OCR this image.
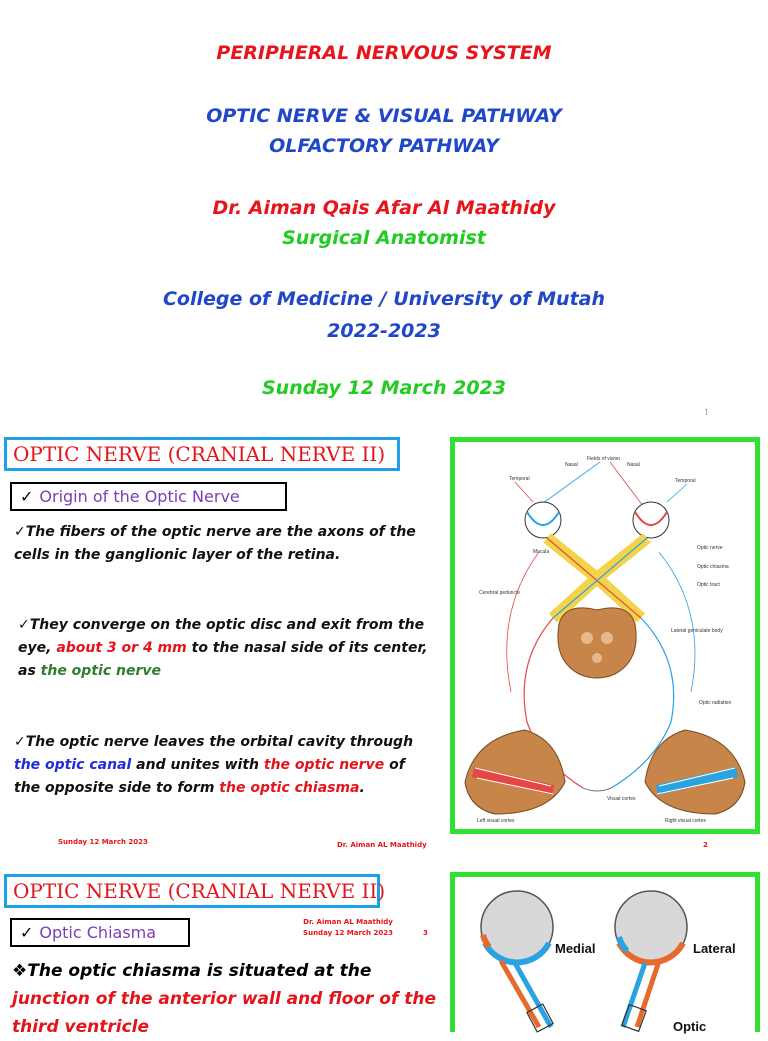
PERIPHERAL NERVOUS SYSTEM
OPTIC NERVE & VISUAL PATHWAY
OLFACTORY PATHWAY
Dr. Aiman Qais Afar Al Maathidy
Surgical Anatomist
College of Medicine / University of Mutah
2022-2023
Sunday 12 March 2023
1
OPTIC NERVE (CRANIAL NERVE II)
✓ Origin of the Optic Nerve
✓The fibers of the optic nerve are the axons of the cells in the ganglionic layer of the retina.
✓They converge on the optic disc and exit from the eye, about 3 or 4 mm to the nasal side of its center, as the optic nerve
✓The optic nerve leaves the orbital cavity through the optic canal and unites with the optic nerve of the opposite side to form the optic chiasma.
Sunday 12 March 2023	Dr. Aiman AL Maathidy	2
Fields of vision
Nasal	Nasal
Temporal	Temporal
Macula
Optic nerve
Optic chiasma
Optic tract
Cerebral peduncle
Lateral geniculate body
Optic radiation
Visual cortex
Left visual cortex	Right visual cortex
OPTIC NERVE (CRANIAL NERVE II)
✓ Optic Chiasma
Dr. Aiman AL Maathidy
Sunday 12 March 2023	3
❖The optic chiasma is situated at the
junction of the anterior wall and floor of the
third ventricle
Medial	Lateral
Optic
